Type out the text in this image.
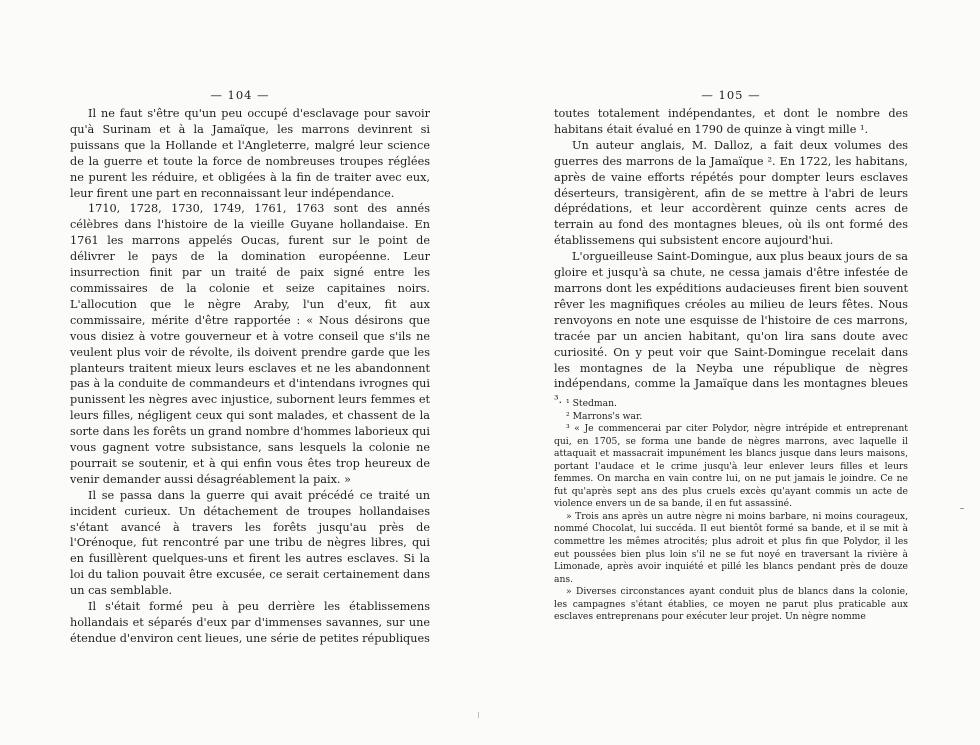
— 104 —

Il ne faut s'être qu'un peu occupé d'esclavage pour savoir qu'à Surinam et à la Jamaïque, les marrons devinrent si puissans que la Hollande et l'Angleterre, malgré leur science de la guerre et toute la force de nombreuses troupes réglées ne purent les réduire, et obligées à la fin de traiter avec eux, leur firent une part en reconnaissant leur indépendance.

1710, 1728, 1730, 1749, 1761, 1763 sont des annés célèbres dans l'histoire de la vieille Guyane hollandaise. En 1761 les marrons appelés Oucas, furent sur le point de délivrer le pays de la domination européenne. Leur insurrection finit par un traité de paix signé entre les commissaires de la colonie et seize capitaines noirs. L'allocution que le nègre Araby, l'un d'eux, fit aux commissaire, mérite d'être rapportée : « Nous désirons que vous disiez à votre gouverneur et à votre conseil que s'ils ne veulent plus voir de révolte, ils doivent prendre garde que les planteurs traitent mieux leurs esclaves et ne les abandonnent pas à la conduite de commandeurs et d'intendans ivrognes qui punissent les nègres avec injustice, subornent leurs femmes et leurs filles, négligent ceux qui sont malades, et chassent de la sorte dans les forêts un grand nombre d'hommes laborieux qui vous gagnent votre subsistance, sans lesquels la colonie ne pourrait se soutenir, et à qui enfin vous êtes trop heureux de venir demander aussi désagréablement la paix. »

Il se passa dans la guerre qui avait précédé ce traité un incident curieux. Un détachement de troupes hollandaises s'étant avancé à travers les forêts jusqu'au près de l'Orénoque, fut rencontré par une tribu de nègres libres, qui en fusillèrent quelques-uns et firent les autres esclaves. Si la loi du talion pouvait être excusée, ce serait certainement dans un cas semblable.

Il s'était formé peu à peu derrière les établissemens hollandais et séparés d'eux par d'immenses savannes, sur une étendue d'environ cent lieues, une série de petites républiques

— 105 —

toutes totalement indépendantes, et dont le nombre des habitans était évalué en 1790 de quinze à vingt mille ¹.

Un auteur anglais, M. Dalloz, a fait deux volumes des guerres des marrons de la Jamaïque ². En 1722, les habitans, après de vaine efforts répétés pour dompter leurs esclaves déserteurs, transigèrent, afin de se mettre à l'abri de leurs déprédations, et leur accordèrent quinze cents acres de terrain au fond des montagnes bleues, où ils ont formé des établissemens qui subsistent encore aujourd'hui.

L'orgueilleuse Saint-Domingue, aux plus beaux jours de sa gloire et jusqu'à sa chute, ne cessa jamais d'être infestée de marrons dont les expéditions audacieuses firent bien souvent rêver les magnifiques créoles au milieu de leurs fêtes. Nous renvoyons en note une esquisse de l'histoire de ces marrons, tracée par un ancien habitant, qu'on lira sans doute avec curiosité. On y peut voir que Saint-Domingue recelait dans les montagnes de la Neyba une république de nègres indépendans, comme la Jamaïque dans les montagnes bleues ³. ¹ Stedman.

² Marrons's war.

³ « Je commencerai par citer Polydor, nègre intrépide et entreprenant qui, en 1705, se forma une bande de nègres marrons, avec laquelle il attaquait et massacrait impunément les blancs jusque dans leurs maisons, portant l'audace et le crime jusqu'à leur enlever leurs filles et leurs femmes. On marcha en vain contre lui, on ne put jamais le joindre. Ce ne fut qu'après sept ans des plus cruels excès qu'ayant commis un acte de violence envers un de sa bande, il en fut assassiné.

» Trois ans après un autre nègre ni moins barbare, ni moins courageux, nommé Chocolat, lui succéda. Il eut bientôt formé sa bande, et il se mit à commettre les mêmes atrocités; plus adroit et plus fin que Polydor, il les eut poussées bien plus loin s'il ne se fut noyé en traversant la rivière à Limonade, après avoir inquiété et pillé les blancs pendant près de douze ans.

» Diverses circonstances ayant conduit plus de blancs dans la colonie, les campagnes s'étant établies, ce moyen ne parut plus praticable aux esclaves entreprenans pour exécuter leur projet. Un nègre nomme
